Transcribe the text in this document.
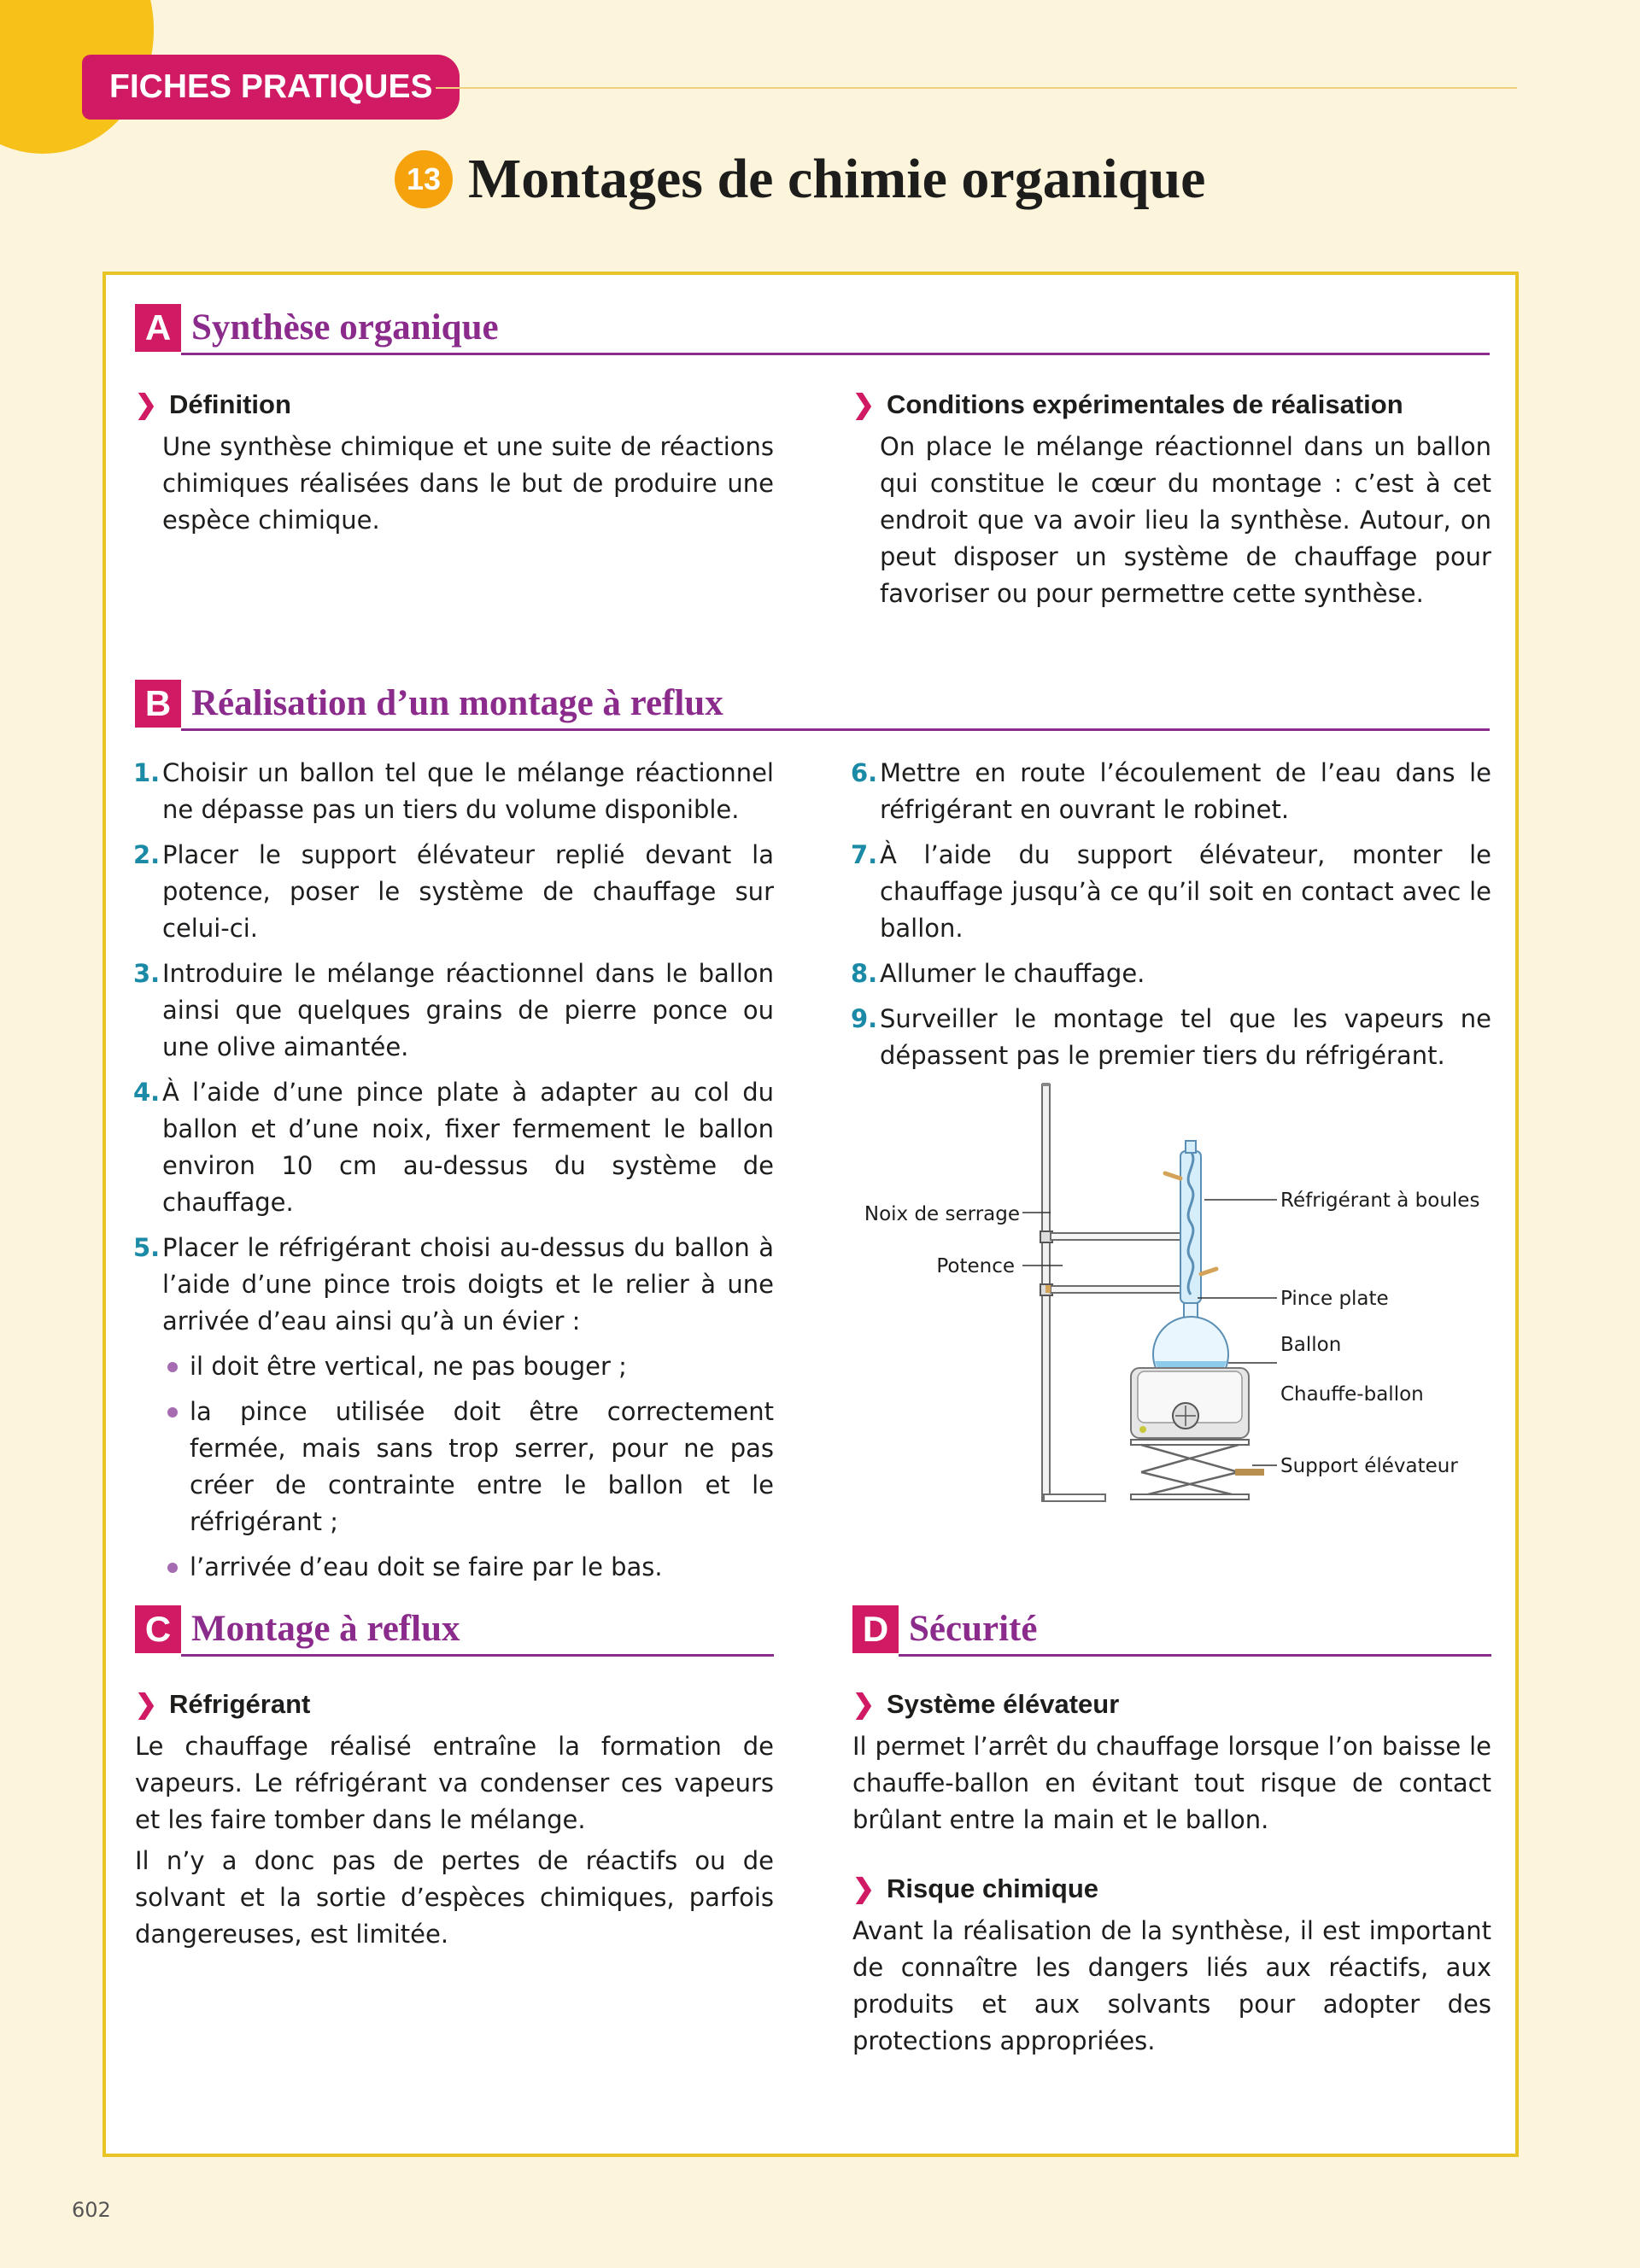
FICHES PRATIQUES
13 Montages de chimie organique
A Synthèse organique
❯ Définition

Une synthèse chimique et une suite de réactions chimiques réalisées dans le but de produire une espèce chimique.

❯ Conditions expérimentales de réalisation

On place le mélange réactionnel dans un ballon qui constitue le cœur du montage : c’est à cet endroit que va avoir lieu la synthèse. Autour, on peut disposer un système de chauffage pour favoriser ou pour permettre cette synthèse.

B Réalisation d’un montage à reflux
1. Choisir un ballon tel que le mélange réactionnel ne dépasse pas un tiers du volume disponible.
2. Placer le support élévateur replié devant la potence, poser le système de chauffage sur celui-ci.
3. Introduire le mélange réactionnel dans le ballon ainsi que quelques grains de pierre ponce ou une olive aimantée.
4. À l’aide d’une pince plate à adapter au col du ballon et d’une noix, fixer fermement le ballon environ 10 cm au-dessus du système de chauffage.
5. Placer le réfrigérant choisi au-dessus du ballon à l’aide d’une pince trois doigts et le relier à une arrivée d’eau ainsi qu’à un évier :
il doit être vertical, ne pas bouger ;
la pince utilisée doit être correctement fermée, mais sans trop serrer, pour ne pas créer de contrainte entre le ballon et le réfrigérant ;
l’arrivée d’eau doit se faire par le bas.
6. Mettre en route l’écoulement de l’eau dans le réfrigérant en ouvrant le robinet.
7. À l’aide du support élévateur, monter le chauffage jusqu’à ce qu’il soit en contact avec le ballon.
8. Allumer le chauffage.
9. Surveiller le montage tel que les vapeurs ne dépassent pas le premier tiers du réfrigérant.
C Montage à reflux
❯ Réfrigérant

Le chauffage réalisé entraîne la formation de vapeurs. Le réfrigérant va condenser ces vapeurs et les faire tomber dans le mélange.

Il n’y a donc pas de pertes de réactifs ou de solvant et la sortie d’espèces chimiques, parfois dangereuses, est limitée.

D Sécurité
❯ Système élévateur

Il permet l’arrêt du chauffage lorsque l’on baisse le chauffe-ballon en évitant tout risque de contact brûlant entre la main et le ballon.

❯ Risque chimique

Avant la réalisation de la synthèse, il est important de connaître les dangers liés aux réactifs, aux produits et aux solvants pour adopter des protections appropriées.

Noix de serrage
Potence
Réfrigérant à boules
Pince plate
Ballon
Chauffe-ballon
Support élévateur
602
